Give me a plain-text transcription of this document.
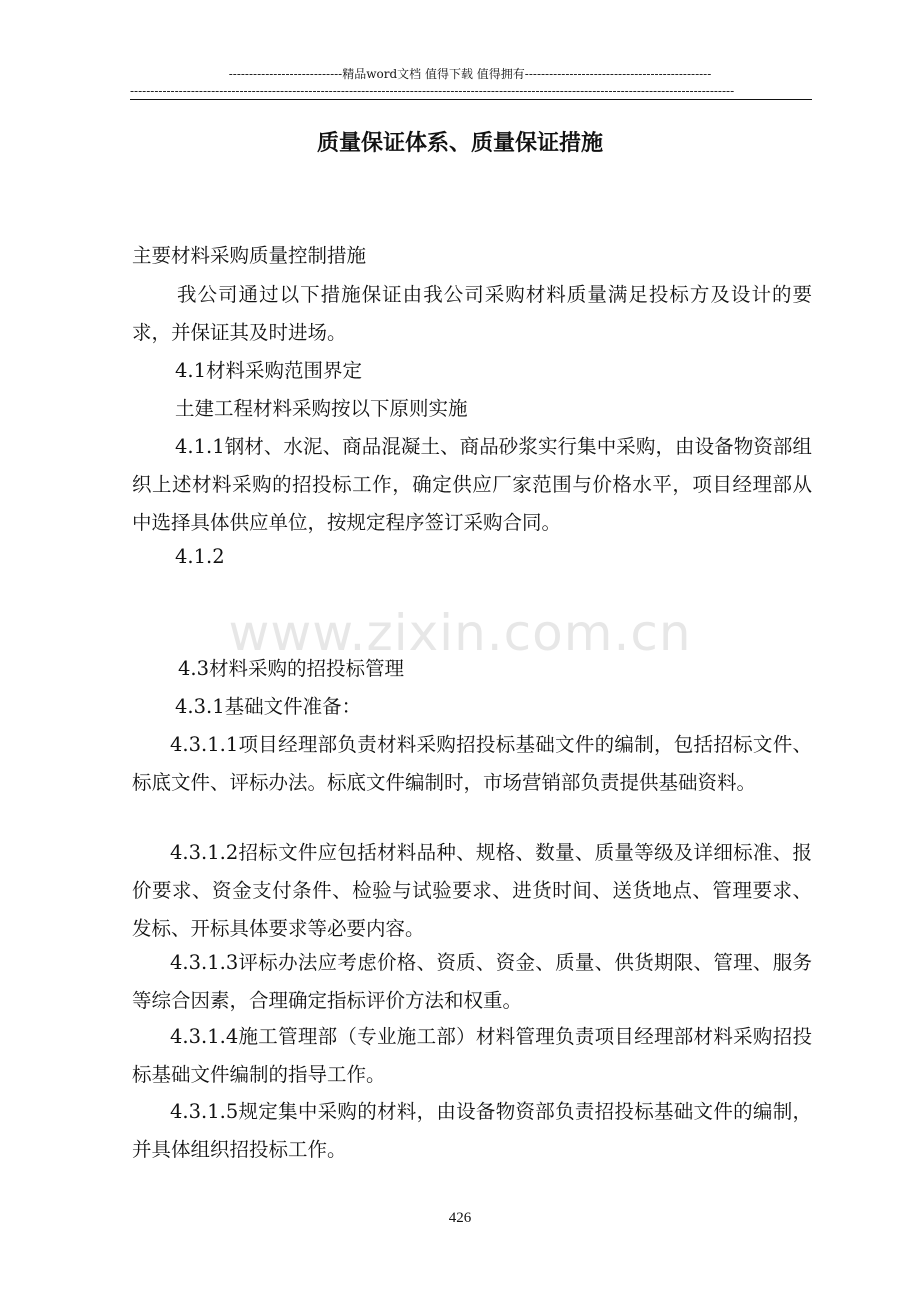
----------------------------精品word文档 值得下载 值得拥有----------------------------------------------
-----------------------------------------------------------------------------------------------------------------------------------------------------
质量保证体系、质量保证措施
主要材料采购质量控制措施
我公司通过以下措施保证由我公司采购材料质量满足投标方及设计的要求，并保证其及时进场。
4.1材料采购范围界定
土建工程材料采购按以下原则实施
4.1.1钢材、水泥、商品混凝土、商品砂浆实行集中采购，由设备物资部组织上述材料采购的招投标工作，确定供应厂家范围与价格水平，项目经理部从中选择具体供应单位，按规定程序签订采购合同。
4.1.2
www.zixin.com.cn
4.3材料采购的招投标管理
4.3.1基础文件准备：
4.3.1.1项目经理部负责材料采购招投标基础文件的编制，包括招标文件、标底文件、评标办法。标底文件编制时，市场营销部负责提供基础资料。
4.3.1.2招标文件应包括材料品种、规格、数量、质量等级及详细标准、报价要求、资金支付条件、检验与试验要求、进货时间、送货地点、管理要求、发标、开标具体要求等必要内容。
4.3.1.3评标办法应考虑价格、资质、资金、质量、供货期限、管理、服务等综合因素，合理确定指标评价方法和权重。
4.3.1.4施工管理部（专业施工部）材料管理负责项目经理部材料采购招投标基础文件编制的指导工作。
4.3.1.5规定集中采购的材料，由设备物资部负责招投标基础文件的编制，并具体组织招投标工作。
426
